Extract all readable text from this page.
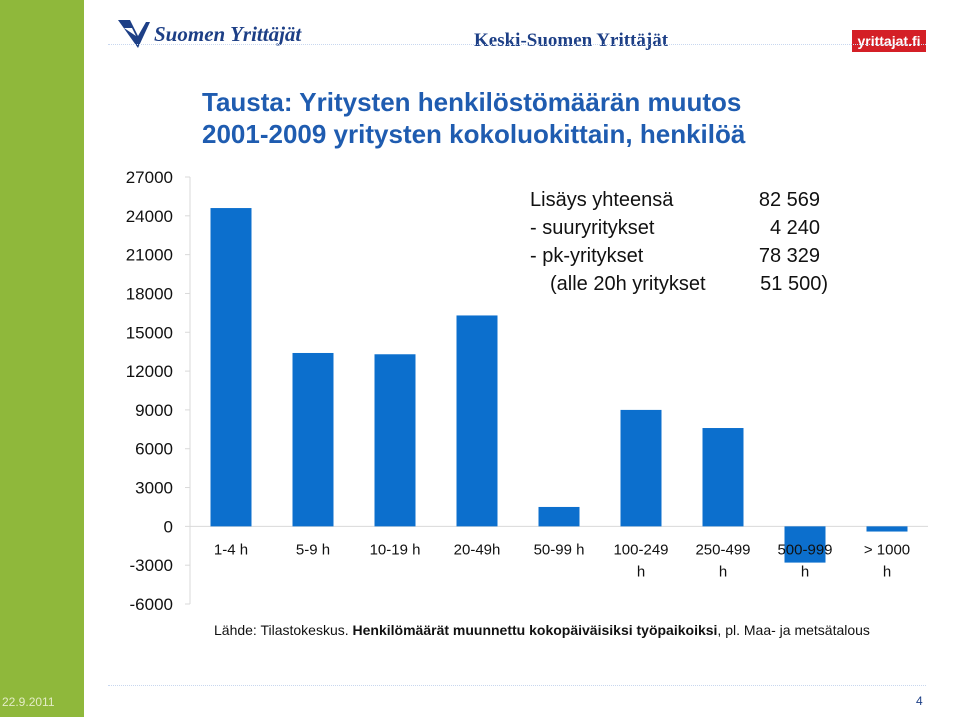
22.9.2011
Suomen Yrittäjät	Keski-Suomen Yrittäjät	yrittajat.fi
Tausta: Yritysten henkilöstömäärän muutos
2001-2009 yritysten kokoluokittain, henkilöä
27000
24000
21000
18000
15000
12000
9000
6000
3000
0
-3000
-6000
1-4 h	5-9 h	10-19 h 20-49h 50-99 h 100-249
h
250-499
h
500-999
h
> 1000
h
Lisäys yhteensä	82 569
- suuryritykset	4 240
- pk-yritykset	78 329
(alle 20h yritykset	51 500)
Lähde: Tilastokeskus. Henkilömäärät muunnettu kokopäiväisiksi työpaikoiksi, pl. Maa- ja metsätalous
4
